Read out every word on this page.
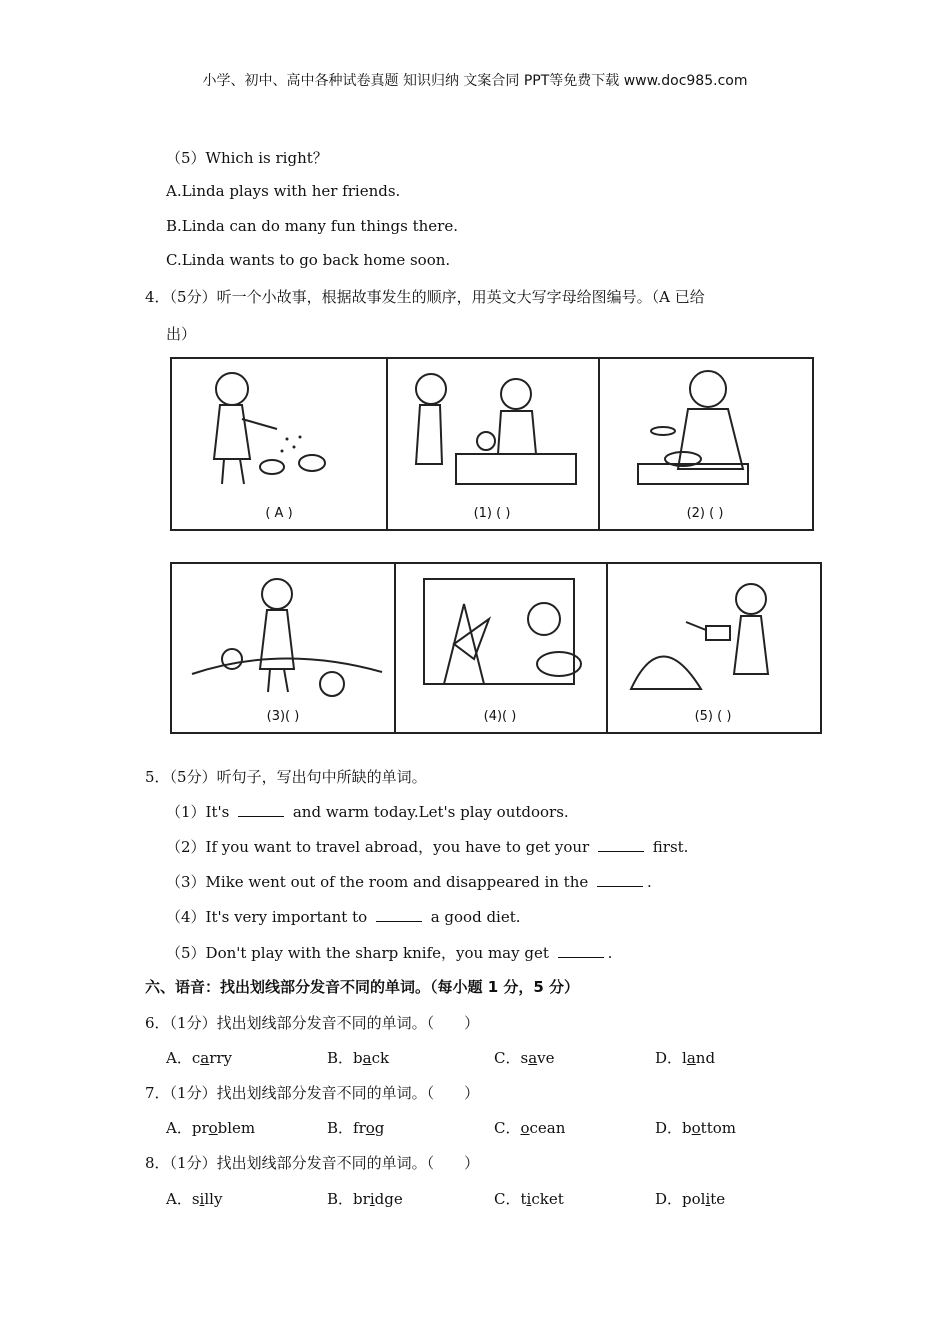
小学、初中、高中各种试卷真题 知识归纳 文案合同 PPT等免费下载 www.doc985.com
（5）Which is right？
A.Linda plays with her friends.
B.Linda can do many fun things there.
C.Linda wants to go back home soon.
4．（5分）听一个小故事，根据故事发生的顺序，用英文大写字母给图编号。（A 已给
出）
( A )	(1) ( )	(2) ( )
(3)( )	(4)( )	(5) ( )
5．（5分）听句子，写出句中所缺的单词。
（1）It's	and warm today.Let's play outdoors.
（2）If you want to travel abroad，you have to get your	first.
（3）Mike went out of the room and disappeared in the	.
（4）It's very important to	a good diet.
（5）Don't play with the sharp knife，you may get	.
六、语音：找出划线部分发音不同的单词。（每小题 1 分，5 分）
6．（1分）找出划线部分发音不同的单词。（　　）
A．carry	B．back	C．save	D．land
7．（1分）找出划线部分发音不同的单词。（　　）
A．problem	B．frog	C．ocean	D．bottom
8．（1分）找出划线部分发音不同的单词。（　　）
A．silly	B．bridge	C．ticket	D．polite
